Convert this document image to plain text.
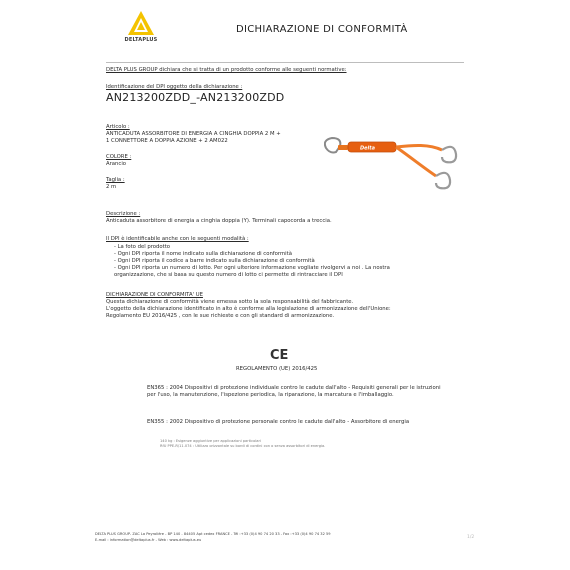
DELTAPLUS
DICHIARAZIONE DI CONFORMITÀ
DELTA PLUS GROUP dichiara che si tratta di un prodotto conforme alle seguenti normative:
Identificazione del DPI oggetto della dichiarazione :
AN213200ZDD_-AN213200ZDD
Articolo :
ANTICADUTA ASSORBITORE DI ENERGIA A CINGHIA DOPPIA 2 M +
1 CONNETTORE A DOPPIA AZIONE + 2 AM022
COLORE :
Arancio
Taglia :
2 m
Delta
Descrizione :
Anticaduta assorbitore di energia a cinghia doppia (Y). Terminali capocorda a treccia.
Il DPI è identificabile anche con le seguenti modalità :
- La foto del prodotto
- Ogni DPI riporta il nome indicato sulla dichiarazione di conformità
- Ogni DPI riporta il codice a barre indicato sulla dichiarazione di conformità
- Ogni DPI riporta un numero di lotto. Per ogni ulteriore informazione vogliate rivolgervi a noi . La nostra
organizzazione, che si basa su questo numero di lotto ci permette di rintracciare il DPI
DICHIARAZIONE DI CONFORMITA' UE
Questa dichiarazione di conformità viene emessa sotto la sola responsabilità del fabbricante.
L'oggetto della dichiarazione identificato in alto è conforme alla legislazione di armonizzazione dell'Unione:
Regolamento EU 2016/425 , con le sue richieste e con gli standard di armonizzazione.
CE
REGOLAMENTO (UE) 2016/425
EN365 : 2004 Dispositivi di protezione individuale contro le cadute dall'alto - Requisiti generali per le istruzioni per l'uso, la manutenzione, l'ispezione periodica, la riparazione, la marcatura e l'imballaggio.
EN355 : 2002 Dispositivo di protezione personale contro le cadute dall'alto - Assorbitore di energia
140 kg : Esigenze aggiuntive per applicazioni particolari
RfU PPE-R/11.074 : Utilizzo orizzontale su bordi di cordini con o senza assorbitori di energia.
DELTA PLUS GROUP- ZAC La Peyrolière - BP 140 - 84405 Apt cedex FRANCE - Tél :+33 (0)4 90 74 20 33 - Fax :+33 (0)4 90 74 32 59
E-mail : information@deltaplus.fr - Web : www.deltaplus.eu	1/2
